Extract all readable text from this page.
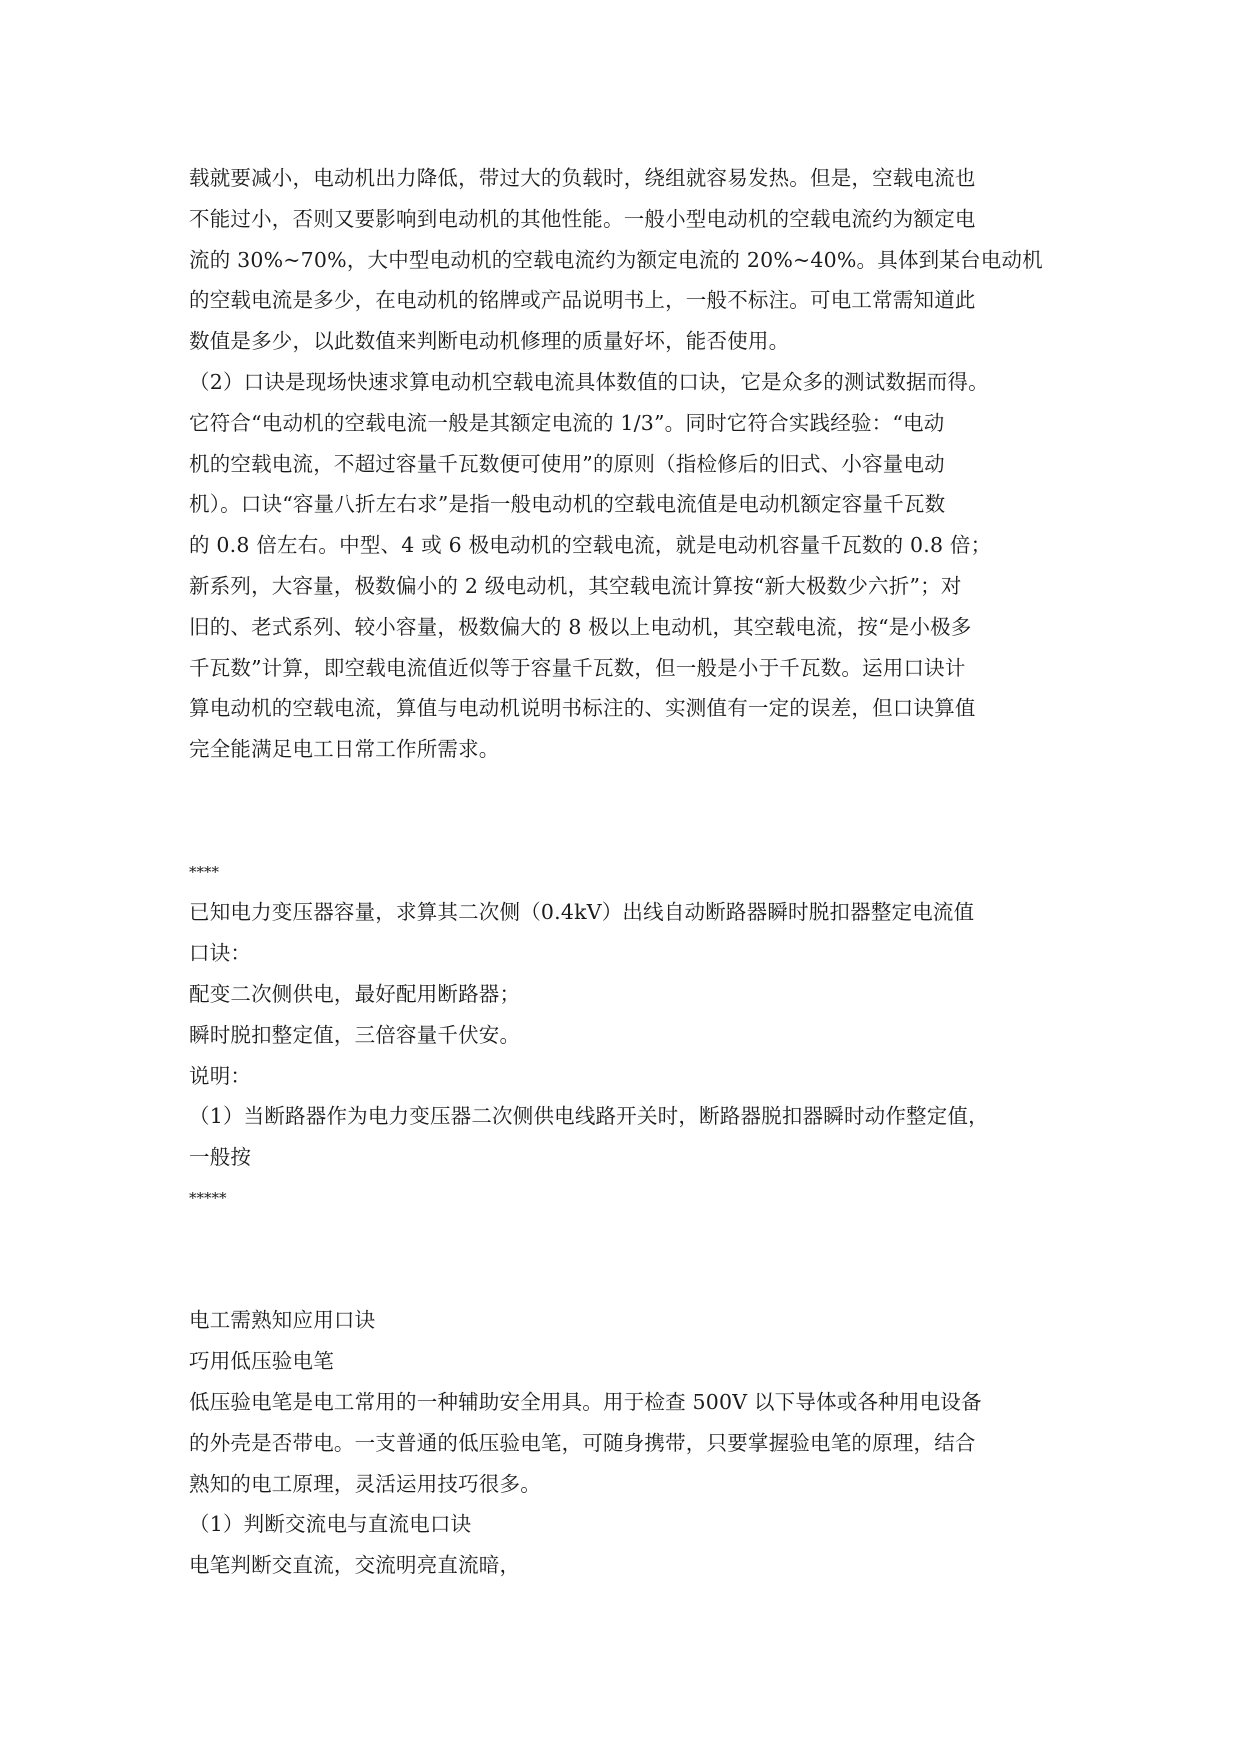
载就要减小，电动机出力降低，带过大的负载时，绕组就容易发热。但是，空载电流也
不能过小，否则又要影响到电动机的其他性能。一般小型电动机的空载电流约为额定电
流的 30%~70%，大中型电动机的空载电流约为额定电流的 20%~40%。具体到某台电动机
的空载电流是多少，在电动机的铭牌或产品说明书上，一般不标注。可电工常需知道此
数值是多少，以此数值来判断电动机修理的质量好坏，能否使用。
（2）口诀是现场快速求算电动机空载电流具体数值的口诀，它是众多的测试数据而得。
它符合“电动机的空载电流一般是其额定电流的 1/3”。同时它符合实践经验：“电动
机的空载电流，不超过容量千瓦数便可使用”的原则（指检修后的旧式、小容量电动
机）。口诀“容量八折左右求”是指一般电动机的空载电流值是电动机额定容量千瓦数
的 0.8 倍左右。中型、4 或 6 极电动机的空载电流，就是电动机容量千瓦数的 0.8 倍；
新系列，大容量，极数偏小的 2 级电动机，其空载电流计算按“新大极数少六折”；对
旧的、老式系列、较小容量，极数偏大的 8 极以上电动机，其空载电流，按“是小极多
千瓦数”计算，即空载电流值近似等于容量千瓦数，但一般是小于千瓦数。运用口诀计
算电动机的空载电流，算值与电动机说明书标注的、实测值有一定的误差，但口诀算值
完全能满足电工日常工作所需求。
****
已知电力变压器容量，求算其二次侧（0.4kV）出线自动断路器瞬时脱扣器整定电流值
口诀：
配变二次侧供电，最好配用断路器；
瞬时脱扣整定值，三倍容量千伏安。
说明：
（1）当断路器作为电力变压器二次侧供电线路开关时，断路器脱扣器瞬时动作整定值，
一般按
*****
电工需熟知应用口诀
巧用低压验电笔
低压验电笔是电工常用的一种辅助安全用具。用于检查 500V 以下导体或各种用电设备
的外壳是否带电。一支普通的低压验电笔，可随身携带，只要掌握验电笔的原理，结合
熟知的电工原理，灵活运用技巧很多。
（1）判断交流电与直流电口诀
电笔判断交直流，交流明亮直流暗，
